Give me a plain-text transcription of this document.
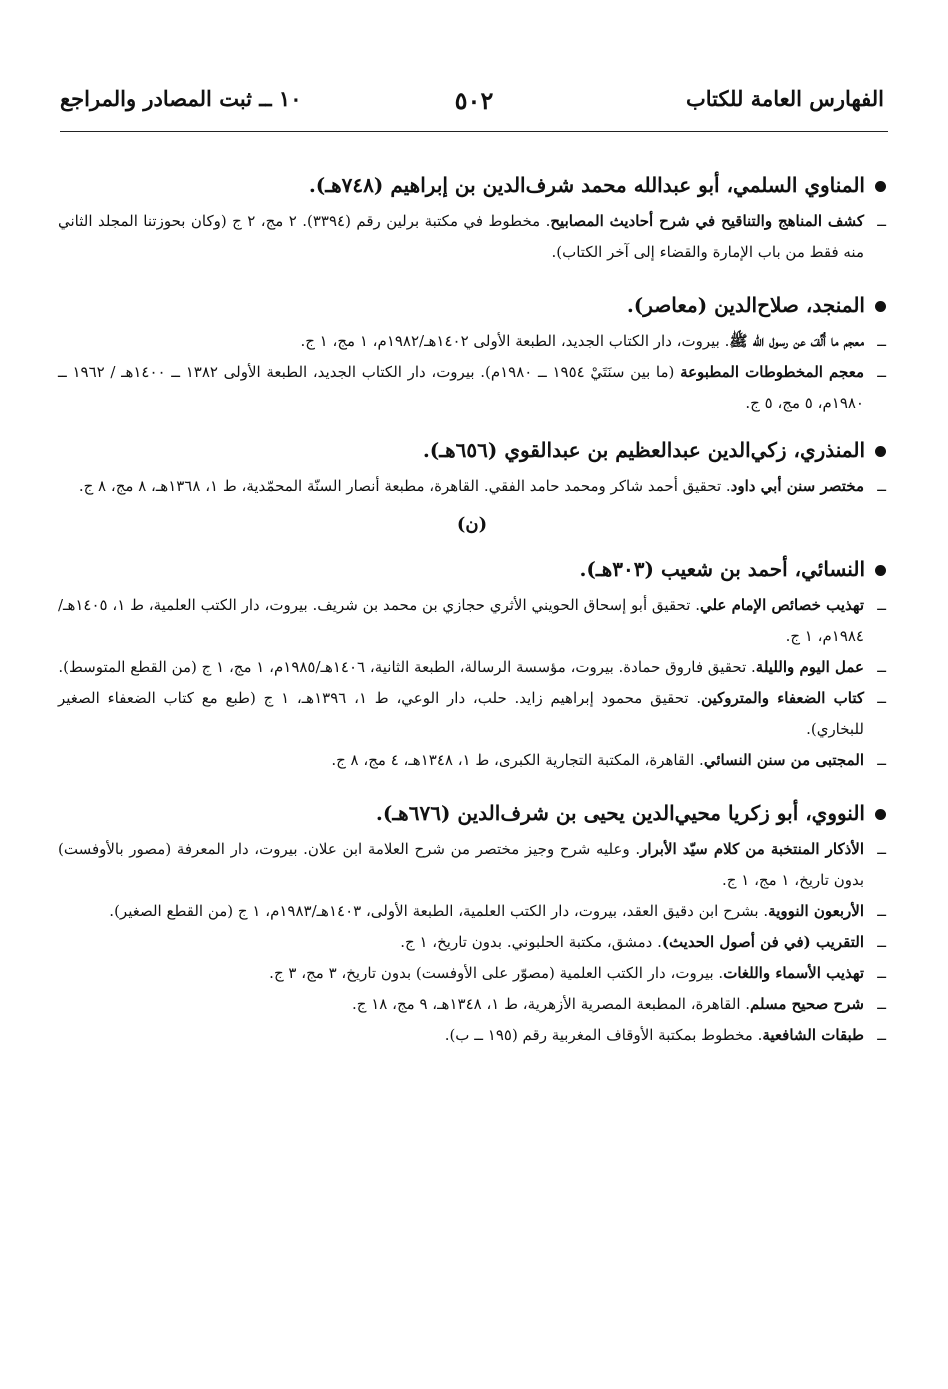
الفهارس العامة للكتاب
٥٠٢
١٠ ــ ثبت المصادر والمراجع
المناوي السلمي، أبو عبدالله محمد شرف‌الدين بن إبراهيم (٧٤٨هـ).
ــ
كشف المناهج والتناقيح في شرح أحاديث المصابيح. مخطوط في مكتبة برلين رقم (٣٣٩٤). ٢ مج، ٢ ج (وكان بحوزتنا المجلد الثاني منه فقط من باب الإمارة والقضاء إلى آخر الكتاب).
المنجد، صلاح‌الدين (معاصر).
ــ
معجم ما أُلِّفَ عن رسول الله ﷺ. بيروت، دار الكتاب الجديد، الطبعة الأولى ١٤٠٢هـ/١٩٨٢م، ١ مج، ١ ج.
ــ
معجم المخطوطات المطبوعة (ما بين سنَتَيْ ١٩٥٤ ــ ١٩٨٠م). بيروت، دار الكتاب الجديد، الطبعة الأولى ١٣٨٢ ــ ١٤٠٠هـ / ١٩٦٢ ــ ١٩٨٠م، ٥ مج، ٥ ج.
المنذري، زكي‌الدين عبدالعظيم بن عبدالقوي (٦٥٦هـ).
ــ
مختصر سنن أبي داود. تحقيق أحمد شاكر ومحمد حامد الفقي. القاهرة، مطبعة أنصار السنّة المحمّدية، ط ١، ١٣٦٨هـ، ٨ مج، ٨ ج.
(ن)
النسائي، أحمد بن شعيب (٣٠٣هـ).
ــ
تهذيب خصائص الإمام علي. تحقيق أبو إسحاق الحويني الأثري حجازي بن محمد بن شريف. بيروت، دار الكتب العلمية، ط ١، ١٤٠٥هـ/ ١٩٨٤م، ١ ج.
ــ
عمل اليوم والليلة. تحقيق فاروق حمادة. بيروت، مؤسسة الرسالة، الطبعة الثانية، ١٤٠٦هـ/١٩٨٥م، ١ مج، ١ ج (من القطع المتوسط).
ــ
كتاب الضعفاء والمتروكين. تحقيق محمود إبراهيم زايد. حلب، دار الوعي، ط ١، ١٣٩٦هـ، ١ ج (طبع مع كتاب الضعفاء الصغير للبخاري).
ــ
المجتبى من سنن النسائي. القاهرة، المكتبة التجارية الكبرى، ط ١، ١٣٤٨هـ، ٤ مج، ٨ ج.
النووي، أبو زكريا محيي‌الدين يحيى بن شرف‌الدين (٦٧٦هـ).
ــ
الأذكار المنتخبة من كلام سيّد الأبرار. وعليه شرح وجيز مختصر من شرح العلامة ابن علان. بيروت، دار المعرفة (مصور بالأوفست) بدون تاريخ، ١ مج، ١ ج.
ــ
الأربعون النووية. بشرح ابن دقيق العقد، بيروت، دار الكتب العلمية، الطبعة الأولى، ١٤٠٣هـ/١٩٨٣م، ١ ج (من القطع الصغير).
ــ
التقريب (في فن أصول الحديث). دمشق، مكتبة الحلبوني. بدون تاريخ، ١ ج.
ــ
تهذيب الأسماء واللغات. بيروت، دار الكتب العلمية (مصوّر على الأوفست) بدون تاريخ، ٣ مج، ٣ ج.
ــ
شرح صحيح مسلم. القاهرة، المطبعة المصرية الأزهرية، ط ١، ١٣٤٨هـ، ٩ مج، ١٨ ج.
ــ
طبقات الشافعية. مخطوط بمكتبة الأوقاف المغربية رقم (١٩٥ ــ ب).
